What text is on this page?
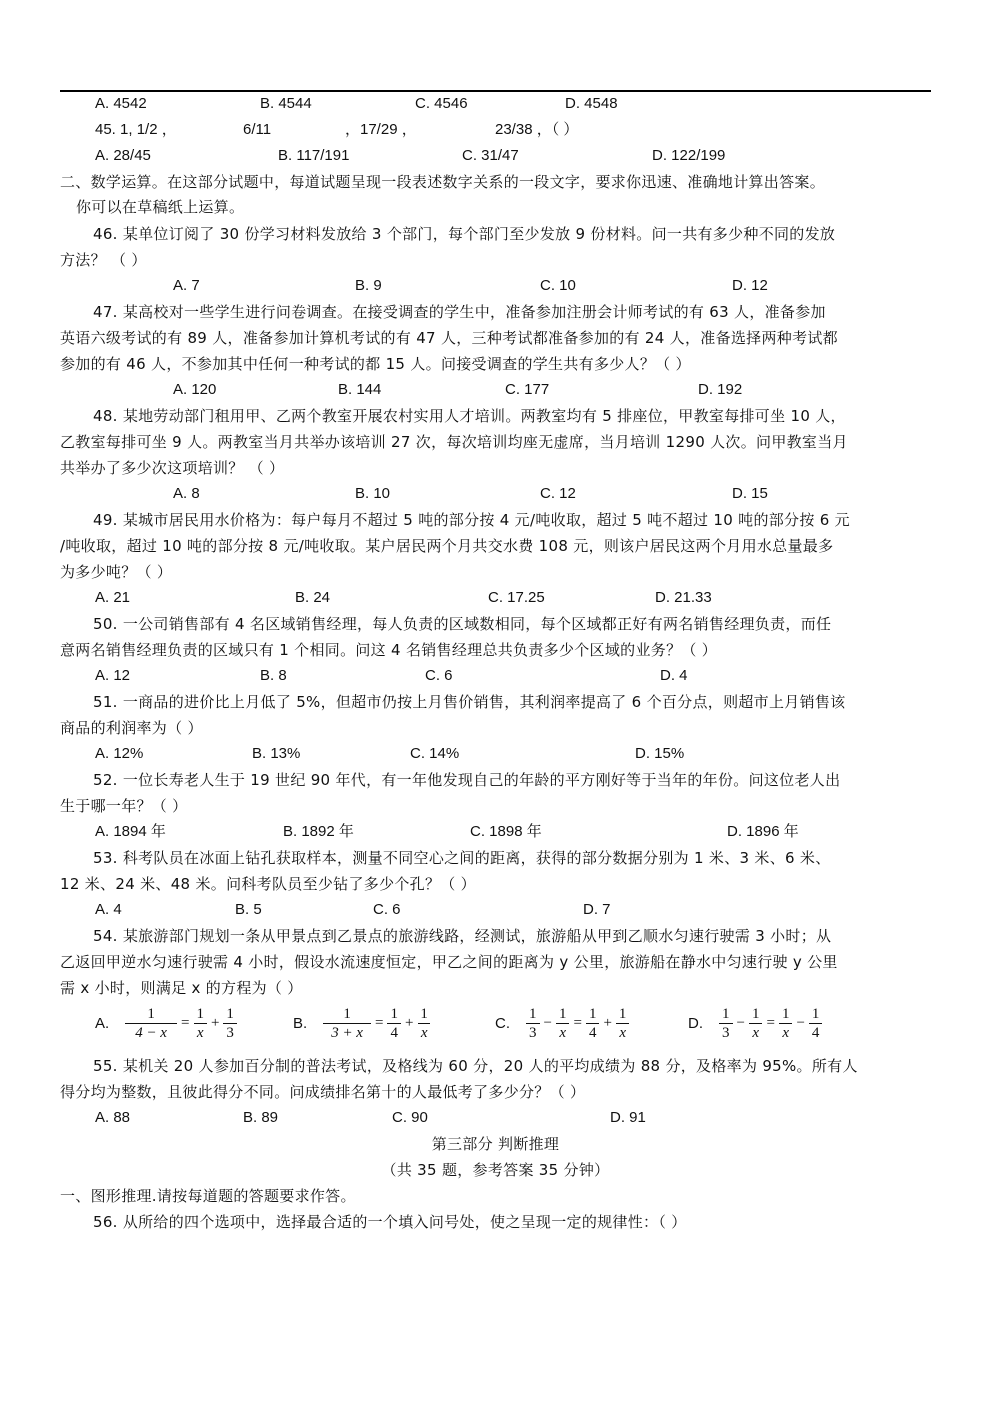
A. 4542	B. 4544	C. 4546	D. 4548
45. 1, 1/2 ，	6/11	，17/29 ，	23/38 ，（ ）
A. 28/45	B. 117/191	C. 31/47	D. 122/199
二、数学运算。在这部分试题中，每道试题呈现一段表述数字关系的一段文字，要求你迅速、准确地计算出答案。
你可以在草稿纸上运算。
46. 某单位订阅了 30 份学习材料发放给 3 个部门，每个部门至少发放 9 份材料。问一共有多少种不同的发放
方法？ （ ）
A. 7	B. 9	C. 10	D. 12
47. 某高校对一些学生进行问卷调查。在接受调查的学生中，准备参加注册会计师考试的有 63 人，准备参加
英语六级考试的有 89 人，准备参加计算机考试的有 47 人，三种考试都准备参加的有 24 人，准备选择两种考试都
参加的有 46 人，不参加其中任何一种考试的都 15 人。问接受调查的学生共有多少人？（ ）
A. 120	B. 144	C. 177	D. 192
48. 某地劳动部门租用甲、乙两个教室开展农村实用人才培训。两教室均有 5 排座位，甲教室每排可坐 10 人，
乙教室每排可坐 9 人。两教室当月共举办该培训 27 次，每次培训均座无虚席，当月培训 1290 人次。问甲教室当月
共举办了多少次这项培训？ （ ）
A. 8	B. 10	C. 12	D. 15
49. 某城市居民用水价格为：每户每月不超过 5 吨的部分按 4 元/吨收取，超过 5 吨不超过 10 吨的部分按 6 元
/吨收取，超过 10 吨的部分按 8 元/吨收取。某户居民两个月共交水费 108 元，则该户居民这两个月用水总量最多
为多少吨？（ ）
A. 21	B. 24	C. 17.25	D. 21.33
50. 一公司销售部有 4 名区域销售经理，每人负责的区域数相同，每个区域都正好有两名销售经理负责，而任
意两名销售经理负责的区域只有 1 个相同。问这 4 名销售经理总共负责多少个区域的业务？（ ）
A. 12	B. 8	C. 6	D. 4
51. 一商品的进价比上月低了 5%，但超市仍按上月售价销售，其利润率提高了 6 个百分点，则超市上月销售该
商品的利润率为（ ）
A. 12%	B. 13%	C. 14%	D. 15%
52. 一位长寿老人生于 19 世纪 90 年代，有一年他发现自己的年龄的平方刚好等于当年的年份。问这位老人出
生于哪一年？（ ）
A. 1894 年	B. 1892 年	C. 1898 年	D. 1896 年
53. 科考队员在冰面上钻孔获取样本，测量不同空心之间的距离，获得的部分数据分别为 1 米、3 米、6 米、
12 米、24 米、48 米。问科考队员至少钻了多少个孔？（ ）
A. 4	B. 5	C. 6	D. 7
54. 某旅游部门规划一条从甲景点到乙景点的旅游线路，经测试，旅游船从甲到乙顺水匀速行驶需 3 小时；从
乙返回甲逆水匀速行驶需 4 小时，假设水流速度恒定，甲乙之间的距离为 y 公里，旅游船在静水中匀速行驶 y 公里
需 x 小时，则满足 x 的方程为（ ）
A. $\frac{1}{4 - x} = \frac{1}{x} + \frac{1}{3}$	B. $\frac{1}{3 + x} = \frac{1}{4} + \frac{1}{x}$	C. $\frac{1}{3} - \frac{1}{x} = \frac{1}{4} + \frac{1}{x}$	D. $\frac{1}{3} - \frac{1}{x} = \frac{1}{x} - \frac{1}{4}$
55. 某机关 20 人参加百分制的普法考试，及格线为 60 分，20 人的平均成绩为 88 分，及格率为 95%。所有人
得分均为整数，且彼此得分不同。问成绩排名第十的人最低考了多少分？（ ）
A. 88	B. 89	C. 90	D. 91
第三部分 判断推理
（共 35 题，参考答案 35 分钟）
一、图形推理.请按每道题的答题要求作答。
56. 从所给的四个选项中，选择最合适的一个填入问号处，使之呈现一定的规律性：（ ）
